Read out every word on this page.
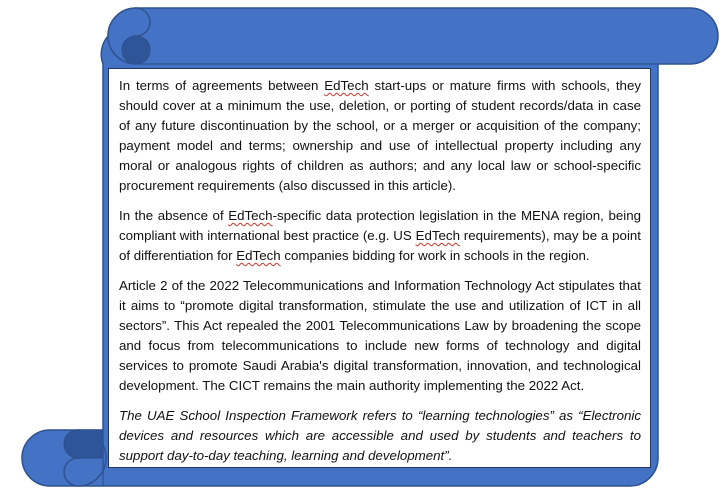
In terms of agreements between EdTech start-ups or mature firms with schools, they should cover at a minimum the use, deletion, or porting of student records/data in case of any future discontinuation by the school, or a merger or acquisition of the company; payment model and terms; ownership and use of intellectual property including any moral or analogous rights of children as authors; and any local law or school-specific procurement requirements (also discussed in this article).

In the absence of EdTech-specific data protection legislation in the MENA region, being compliant with international best practice (e.g. US EdTech requirements), may be a point of differentiation for EdTech companies bidding for work in schools in the region.

Article 2 of the 2022 Telecommunications and Information Technology Act stipulates that it aims to “promote digital transformation, stimulate the use and utilization of ICT in all sectors”. This Act repealed the 2001 Telecommunications Law by broadening the scope and focus from telecommunications to include new forms of technology and digital services to promote Saudi Arabia's digital transformation, innovation, and technological development. The CICT remains the main authority implementing the 2022 Act.

The UAE School Inspection Framework refers to “learning technologies” as “Electronic devices and resources which are accessible and used by students and teachers to support day-to-day teaching, learning and development”.
